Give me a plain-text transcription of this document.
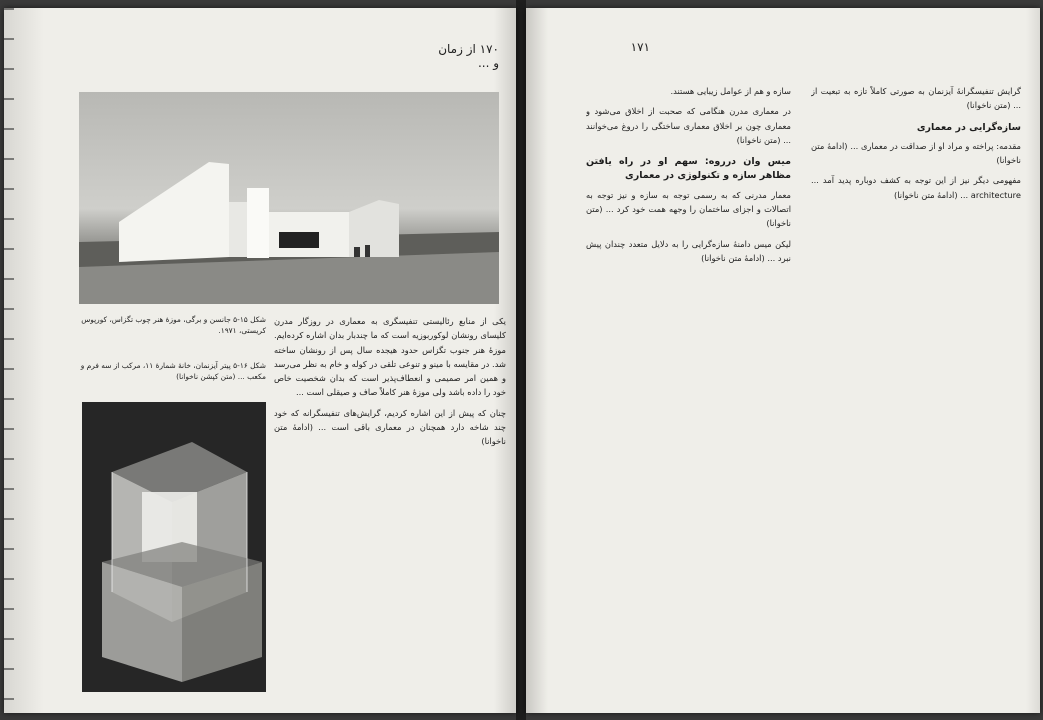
۱۷۰ از زمان و ...
شکل ۱۵-۵ جانسن و برگی، موزهٔ هنر چوب تگزاس، کورپوس کریستی، ۱۹۷۱.
شکل ۱۶-۵ پیتر آیزنمان، خانهٔ شمارهٔ ۱۱، مرکب از سه فرم و مکعب ... (متن کپشن ناخوانا)

یکی از منابع رئالیستی تنفیسگری به معماری در روزگار مدرن کلیسای رونشان لوکوربوزیه است که ما چندبار بدان اشاره کرده‌ایم. موزهٔ هنر جنوب تگزاس حدود هیجده سال پس از رونشان ساخته شد. در مقایسه با مینو و تنوعی تلقی در کوله و خام به نظر می‌رسد و همین امر صمیمی و انعطاف‌پذیر است که بدان شخصیت خاص خود را داده باشد ولی موزهٔ هنر کاملاً صاف و صیقلی است ...

چنان که پیش از این اشاره کردیم، گرایش‌های تنفیسگرانه که خود چند شاخه دارد همچنان در معماری باقی است ... (ادامهٔ متن ناخوانا)

۱۷۱

گرایش تنفیسگرانهٔ آیزنمان به صورتی کاملاً تازه به تبعیت از ... (متن ناخوانا)

سازه‌گرایی در معماری

مقدمه: پراخته و مراد او از صداقت در معماری ... (ادامهٔ متن ناخوانا)

مفهومی دیگر نیز از این توجه به کشف دوباره پدید آمد ... architecture ... (ادامهٔ متن ناخوانا)

سازه و هم از عوامل زیبایی هستند.

در معماری مدرن هنگامی که صحبت از اخلاق می‌شود و معماری چون بر اخلاق معماری ساختگی را دروغ می‌خوانند ... (متن ناخوانا)

میس وان درروه: سهم او در راه یافتن مظاهر سازه و تکنولوژی در معماری

معمار مدرنی که به رسمی توجه به سازه و نیز توجه به اتصالات و اجزای ساختمان را وجهه همت خود کرد ... (متن ناخوانا)

لیکن میس دامنهٔ سازه‌گرایی را به دلایل متعدد چندان پیش نبرد ... (ادامهٔ متن ناخوانا)
